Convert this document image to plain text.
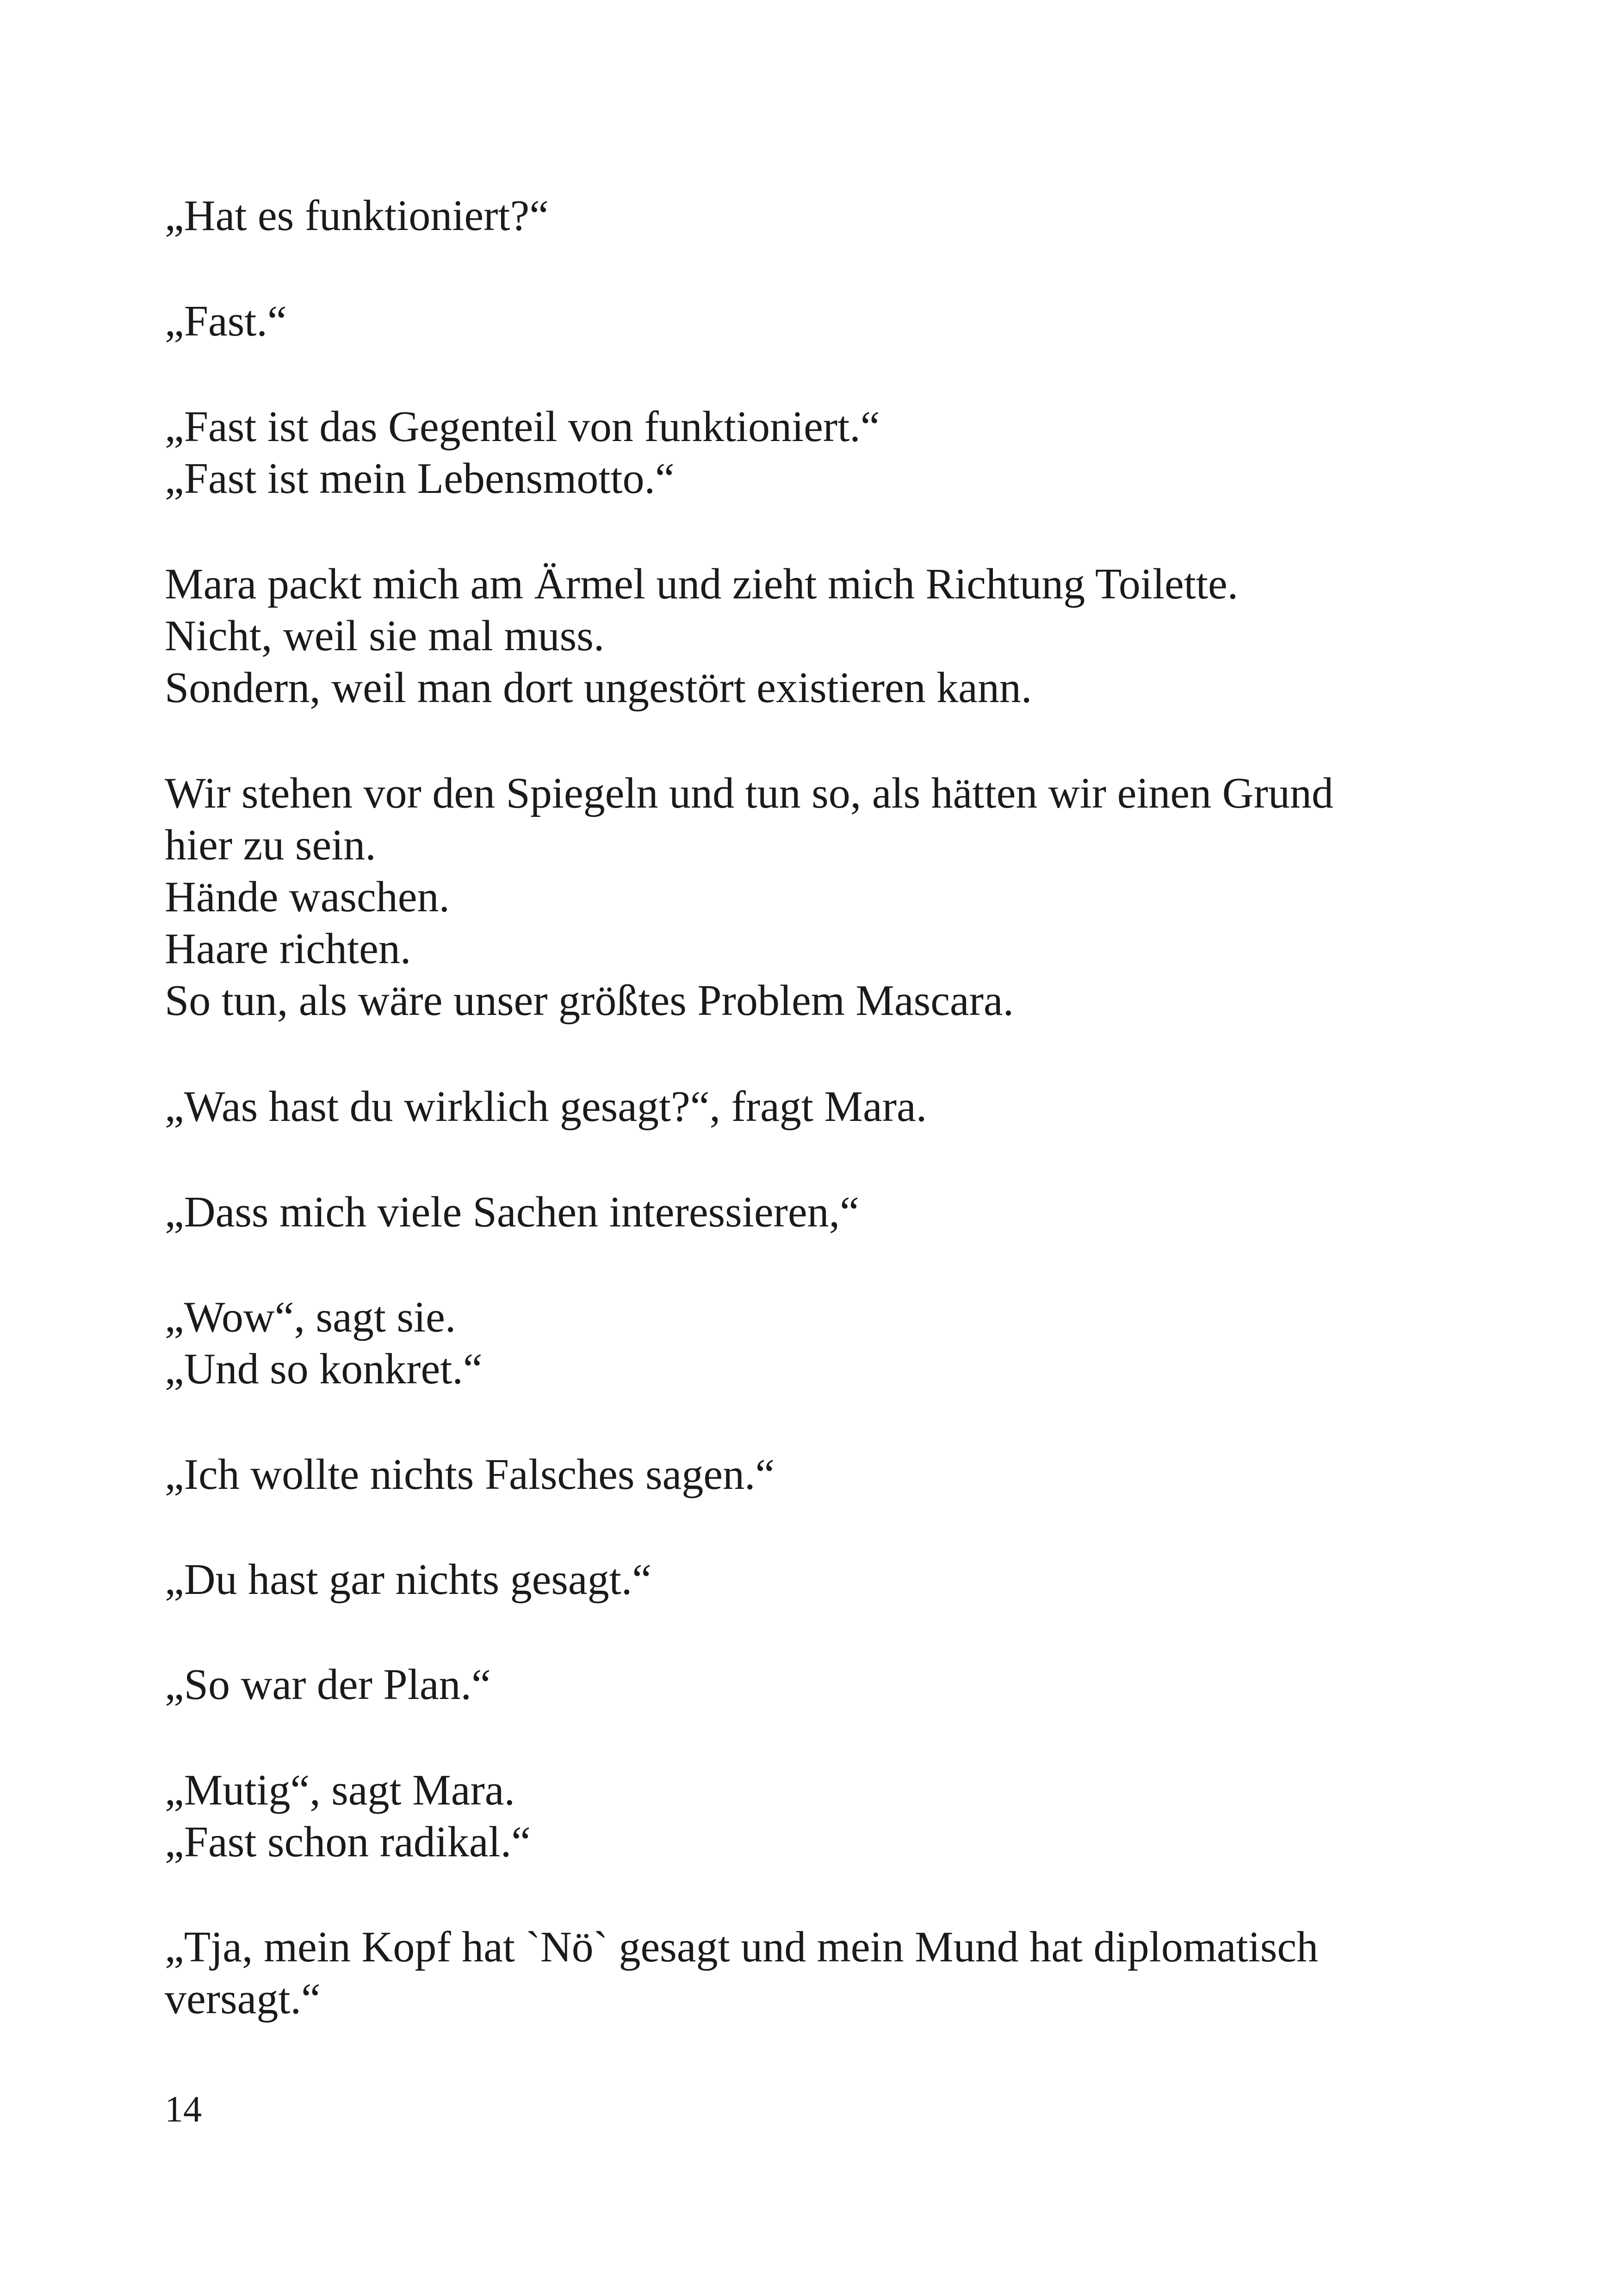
„Hat es funktioniert?“
„Fast.“
„Fast ist das Gegenteil von funktioniert.“
„Fast ist mein Lebensmotto.“
Mara packt mich am Ärmel und zieht mich Richtung Toilette.
Nicht, weil sie mal muss.
Sondern, weil man dort ungestört existieren kann.
Wir stehen vor den Spiegeln und tun so, als hätten wir einen Grund
hier zu sein.
Hände waschen.
Haare richten.
So tun, als wäre unser größtes Problem Mascara.
„Was hast du wirklich gesagt?“, fragt Mara.
„Dass mich viele Sachen interessieren,“
„Wow“, sagt sie.
„Und so konkret.“
„Ich wollte nichts Falsches sagen.“
„Du hast gar nichts gesagt.“
„So war der Plan.“
„Mutig“, sagt Mara.
„Fast schon radikal.“
„Tja, mein Kopf hat `Nö` gesagt und mein Mund hat diplomatisch
versagt.“
14
